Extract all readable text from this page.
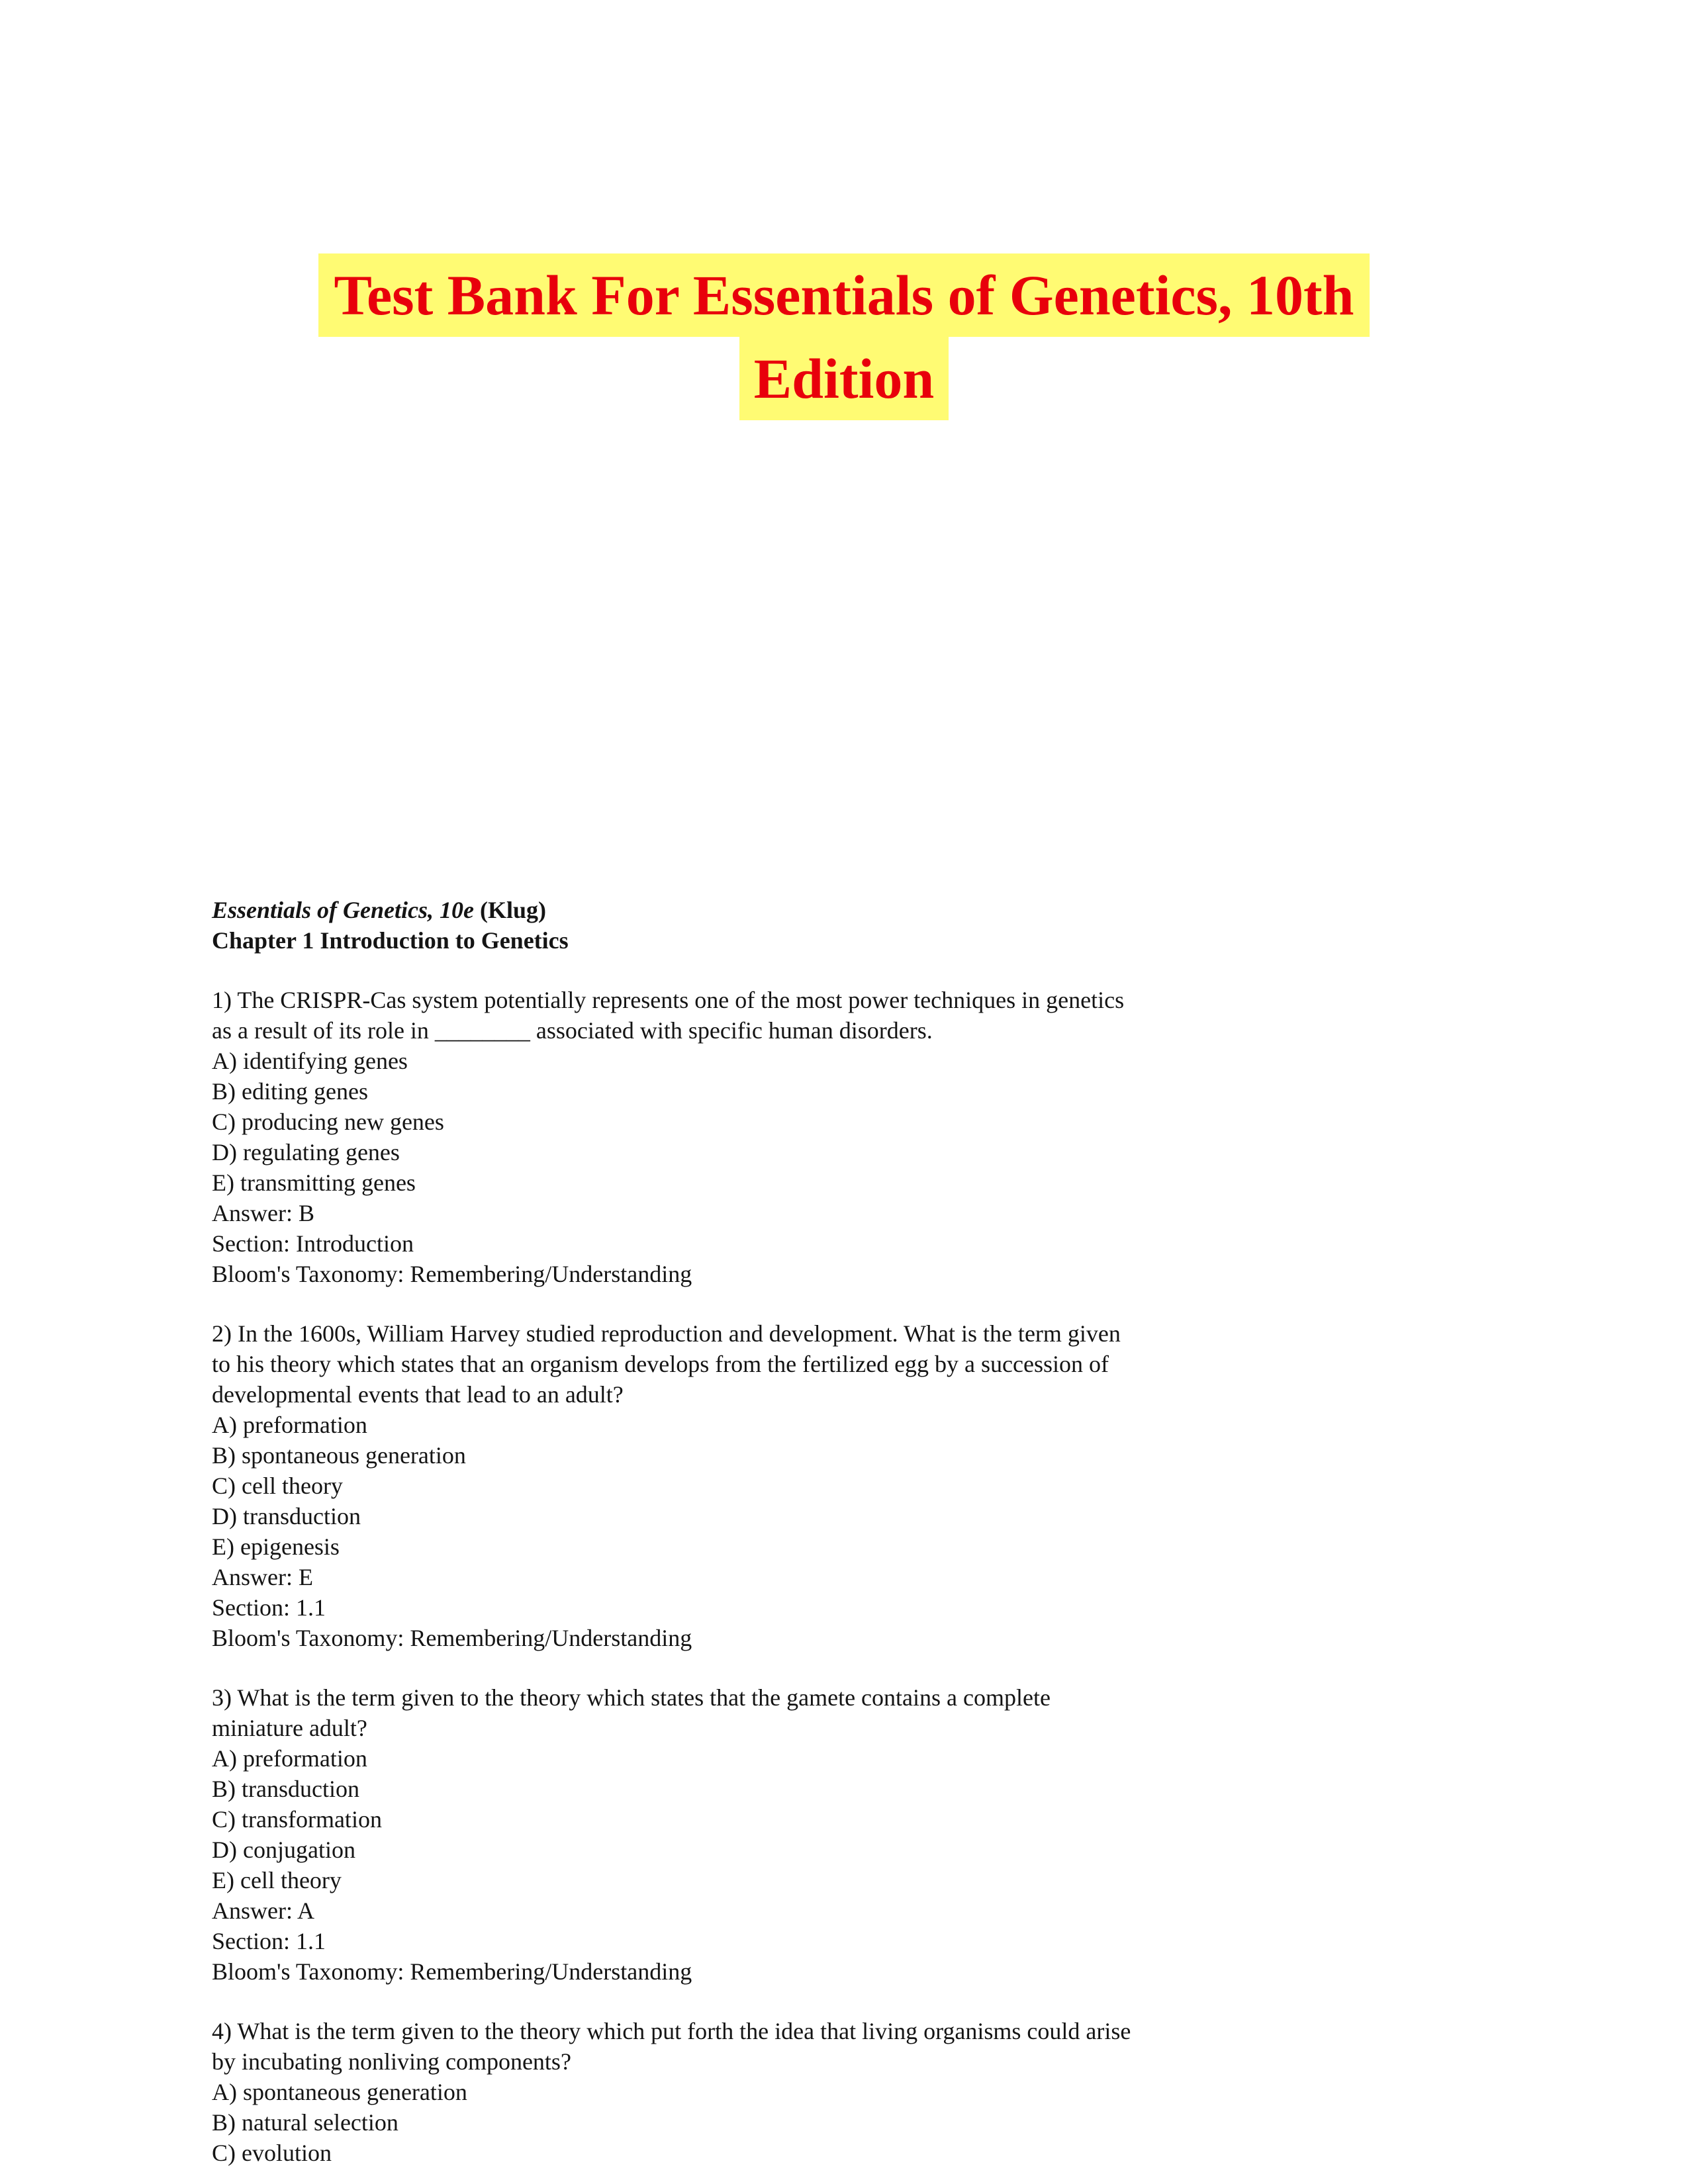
Test Bank For Essentials of Genetics, 10th
Edition
Essentials of Genetics, 10e (Klug)
Chapter 1 Introduction to Genetics
1) The CRISPR-Cas system potentially represents one of the most power techniques in genetics
as a result of its role in ________ associated with specific human disorders.
A) identifying genes
B) editing genes
C) producing new genes
D) regulating genes
E) transmitting genes
Answer: B
Section: Introduction
Bloom's Taxonomy: Remembering/Understanding
2) In the 1600s, William Harvey studied reproduction and development. What is the term given
to his theory which states that an organism develops from the fertilized egg by a succession of
developmental events that lead to an adult?
A) preformation
B) spontaneous generation
C) cell theory
D) transduction
E) epigenesis
Answer: E
Section: 1.1
Bloom's Taxonomy: Remembering/Understanding
3) What is the term given to the theory which states that the gamete contains a complete
miniature adult?
A) preformation
B) transduction
C) transformation
D) conjugation
E) cell theory
Answer: A
Section: 1.1
Bloom's Taxonomy: Remembering/Understanding
4) What is the term given to the theory which put forth the idea that living organisms could arise
by incubating nonliving components?
A) spontaneous generation
B) natural selection
C) evolution
